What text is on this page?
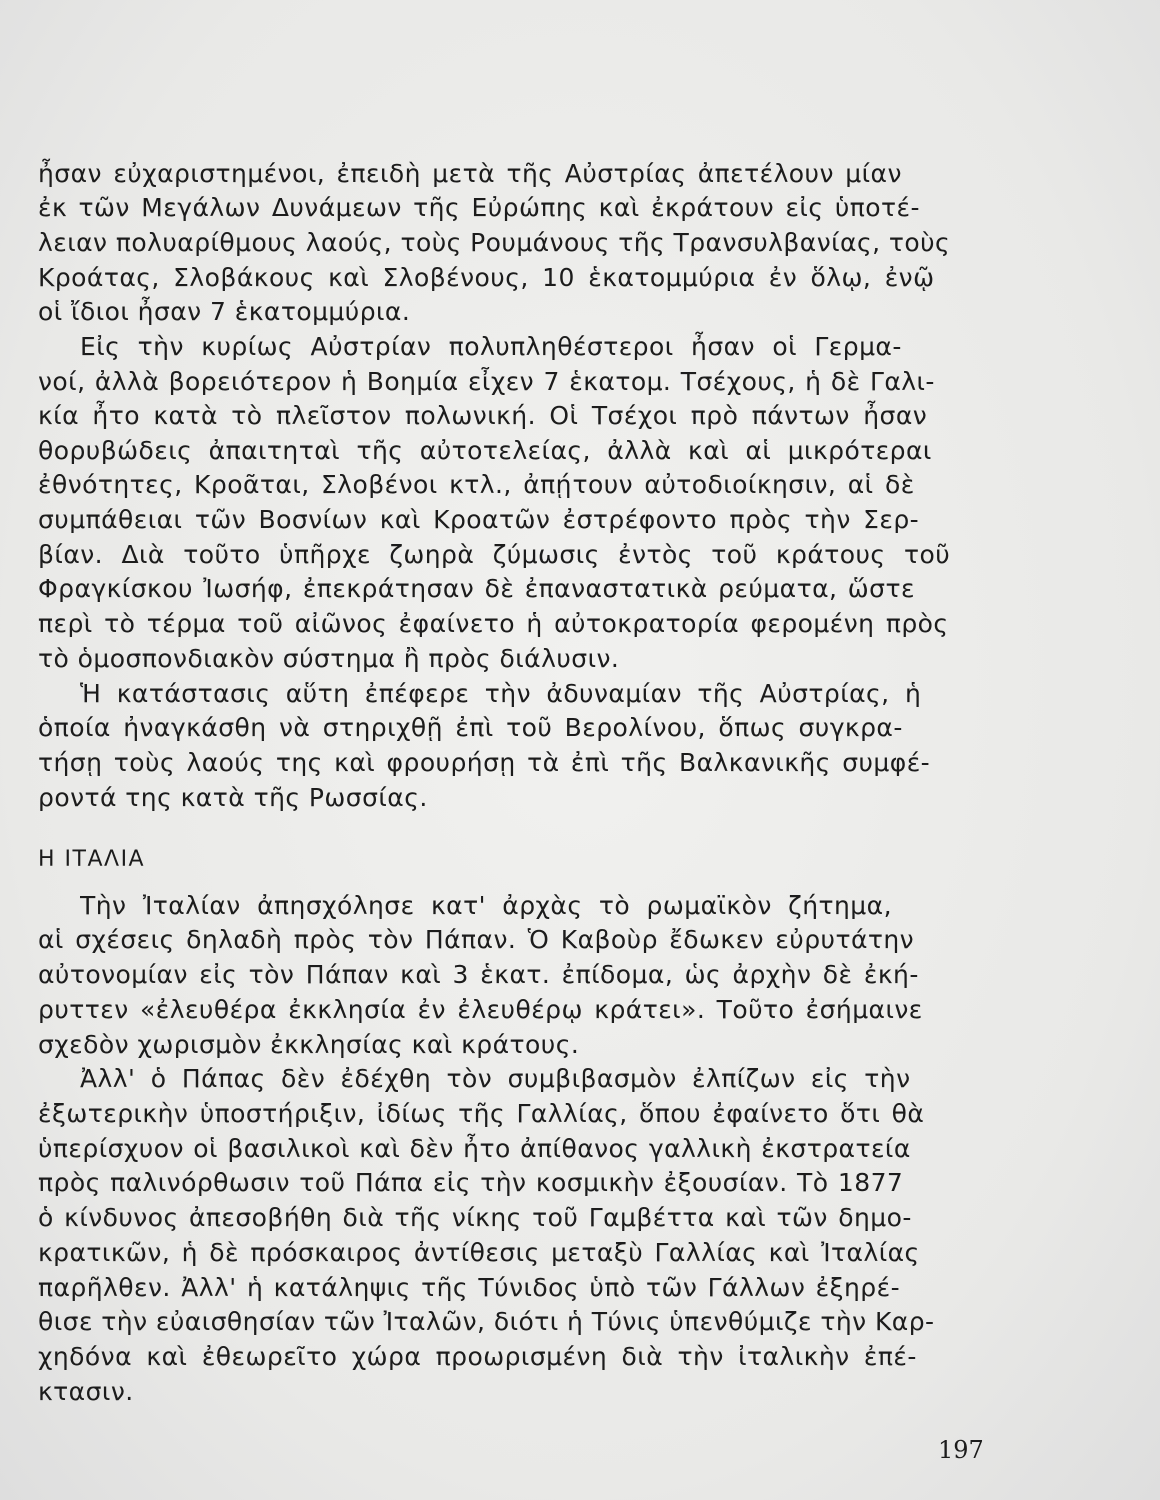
ἦσαν εὐχαριστημένοι, ἐπειδὴ μετὰ τῆς Αὐστρίας ἀπετέλουν μίαν
ἐκ τῶν Μεγάλων Δυνάμεων τῆς Εὐρώπης καὶ ἐκράτουν εἰς ὑποτέ-
λειαν πολυαρίθμους λαούς, τοὺς Ρουμάνους τῆς Τρανσυλβανίας, τοὺς
Κροάτας, Σλοβάκους καὶ Σλοβένους, 10 ἑκατομμύρια ἐν ὅλῳ, ἐνῷ
οἱ ἴδιοι ἦσαν 7 ἑκατομμύρια.
Εἰς τὴν κυρίως Αὐστρίαν πολυπληθέστεροι ἦσαν οἱ Γερμα-
νοί, ἀλλὰ βορειότερον ἡ Βοημία εἶχεν 7 ἑκατομ. Τσέχους, ἡ δὲ Γαλι-
κία ἦτο κατὰ τὸ πλεῖστον πολωνική. Οἱ Τσέχοι πρὸ πάντων ἦσαν
θορυβώδεις ἀπαιτηταὶ τῆς αὐτοτελείας, ἀλλὰ καὶ αἱ μικρότεραι
ἐθνότητες, Κροᾶται, Σλοβένοι κτλ., ἀπῄτουν αὐτοδιοίκησιν, αἱ δὲ
συμπάθειαι τῶν Βοσνίων καὶ Κροατῶν ἐστρέφοντο πρὸς τὴν Σερ-
βίαν. Διὰ τοῦτο ὑπῆρχε ζωηρὰ ζύμωσις ἐντὸς τοῦ κράτους τοῦ
Φραγκίσκου Ἰωσήφ, ἐπεκράτησαν δὲ ἐπαναστατικὰ ρεύματα, ὥστε
περὶ τὸ τέρμα τοῦ αἰῶνος ἐφαίνετο ἡ αὐτοκρατορία φερομένη πρὸς
τὸ ὁμοσπονδιακὸν σύστημα ἢ πρὸς διάλυσιν.
Ἡ κατάστασις αὕτη ἐπέφερε τὴν ἀδυναμίαν τῆς Αὐστρίας, ἡ
ὁποία ἠναγκάσθη νὰ στηριχθῇ ἐπὶ τοῦ Βερολίνου, ὅπως συγκρα-
τήσῃ τοὺς λαούς της καὶ φρουρήσῃ τὰ ἐπὶ τῆς Βαλκανικῆς συμφέ-
ροντά της κατὰ τῆς Ρωσσίας.
Η ΙΤΑΛΙΑ
Τὴν Ἰταλίαν ἀπησχόλησε κατ' ἀρχὰς τὸ ρωμαϊκὸν ζήτημα,
αἱ σχέσεις δηλαδὴ πρὸς τὸν Πάπαν. Ὁ Καβοὺρ ἔδωκεν εὐρυτάτην
αὐτονομίαν εἰς τὸν Πάπαν καὶ 3 ἑκατ. ἐπίδομα, ὡς ἀρχὴν δὲ ἐκή-
ρυττεν «ἐλευθέρα ἐκκλησία ἐν ἐλευθέρῳ κράτει». Τοῦτο ἐσήμαινε
σχεδὸν χωρισμὸν ἐκκλησίας καὶ κράτους.
Ἀλλ' ὁ Πάπας δὲν ἐδέχθη τὸν συμβιβασμὸν ἐλπίζων εἰς τὴν
ἐξωτερικὴν ὑποστήριξιν, ἰδίως τῆς Γαλλίας, ὅπου ἐφαίνετο ὅτι θὰ
ὑπερίσχυον οἱ βασιλικοὶ καὶ δὲν ἦτο ἀπίθανος γαλλικὴ ἐκστρατεία
πρὸς παλινόρθωσιν τοῦ Πάπα εἰς τὴν κοσμικὴν ἐξουσίαν. Τὸ 1877
ὁ κίνδυνος ἀπεσοβήθη διὰ τῆς νίκης τοῦ Γαμβέττα καὶ τῶν δημο-
κρατικῶν, ἡ δὲ πρόσκαιρος ἀντίθεσις μεταξὺ Γαλλίας καὶ Ἰταλίας
παρῆλθεν. Ἀλλ' ἡ κατάληψις τῆς Τύνιδος ὑπὸ τῶν Γάλλων ἐξηρέ-
θισε τὴν εὐαισθησίαν τῶν Ἰταλῶν, διότι ἡ Τύνις ὑπενθύμιζε τὴν Καρ-
χηδόνα καὶ ἐθεωρεῖτο χώρα προωρισμένη διὰ τὴν ἰταλικὴν ἐπέ-
κτασιν.
197
